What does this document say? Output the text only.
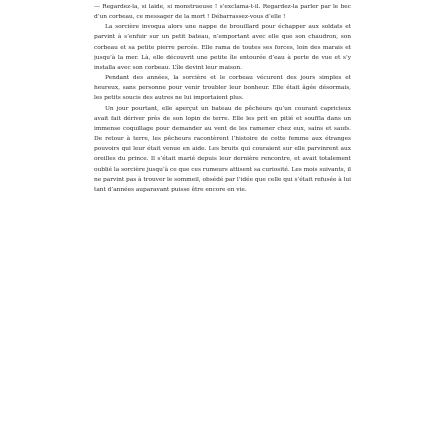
— Regardez-la, si laide, si monstrueuse ! s’exclama-t-il. Regardez-la parler par le bec d’un corbeau, ce messager de la mort ! Débarrassez-vous d’elle !

La sorcière invoqua alors une nappe de brouillard pour échapper aux soldats et parvint à s’enfuir sur un petit bateau, n’emportant avec elle que son chaudron, son corbeau et sa petite pierre percée. Elle rama de toutes ses forces, loin des marais et jusqu’à la mer. Là, elle découvrit une petite île entourée d’eau à perte de vue et s’y installa avec son corbeau. L’île devint leur maison.

Pendant des années, la sorcière et le corbeau vécurent des jours simples et heureux, sans personne pour venir troubler leur bonheur. Elle était âgée désormais, les petits soucis des autres ne lui importaient plus.

Un jour pourtant, elle aperçut un bateau de pêcheurs qu’un courant capricieux avait fait dériver près de son lopin de terre. Elle les prit en pitié et souffla dans un immense coquillage pour demander au vent de les ramener chez eux, sains et saufs. De retour à terre, les pêcheurs racontèrent l’histoire de cette femme aux étranges pouvoirs qui leur était venue en aide. Les bruits qui couraient sur elle parvinrent aux oreilles du prince. Il s’était marié depuis leur dernière rencontre, et avait totalement oublié la sorcière jusqu’à ce que ces rumeurs attisent sa curiosité. Les mois suivants, il ne parvint pas à trouver le sommeil, obsédé par l’idée que celle qui s’était refusée à lui tant d’années auparavant puisse être encore en vie.
